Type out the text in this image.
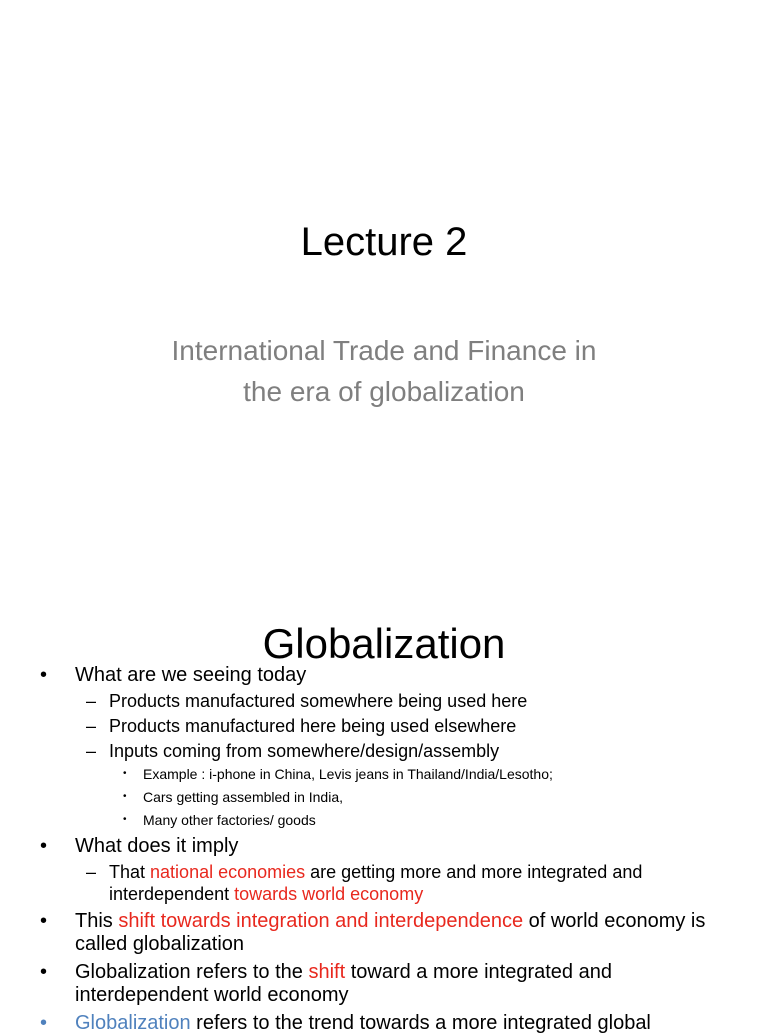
Lecture 2
International Trade and Finance in
the era of globalization
Globalization
• What are we seeing today
– Products manufactured somewhere being used here
– Products manufactured here being used elsewhere
– Inputs coming from somewhere/design/assembly
• Example : i-phone in China, Levis jeans in Thailand/India/Lesotho;
• Cars getting assembled in India,
• Many other factories/ goods
• What does it imply
– That national economies are getting more and more integrated and interdependent towards world economy
• This shift towards integration and interdependence of world economy is called globalization
• Globalization refers to the shift toward a more integrated and interdependent world economy
• Globalization refers to the trend towards a more integrated global
